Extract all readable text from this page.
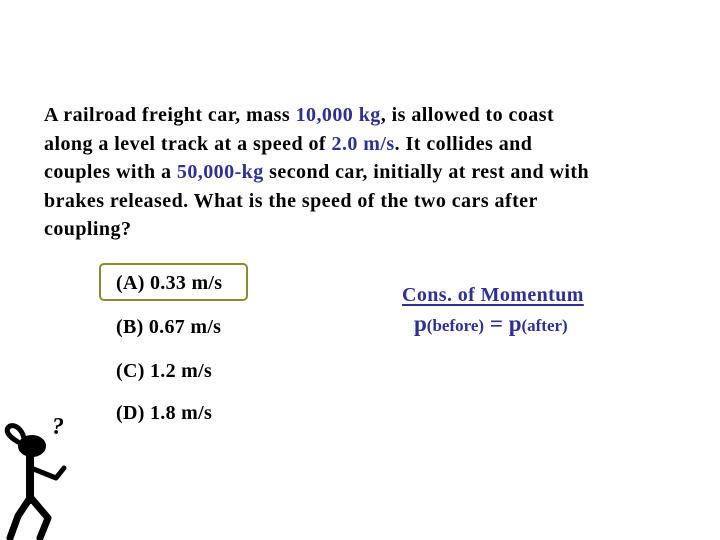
A railroad freight car, mass 10,000 kg, is allowed to coast along a level track at a speed of 2.0 m/s. It collides and couples with a 50,000-kg second car, initially at rest and with brakes released. What is the speed of the two cars after coupling?

(A) 0.33 m/s
(B) 0.67 m/s
(C) 1.2 m/s
(D) 1.8 m/s
Cons. of Momentum
p(before) = p(after)
?
